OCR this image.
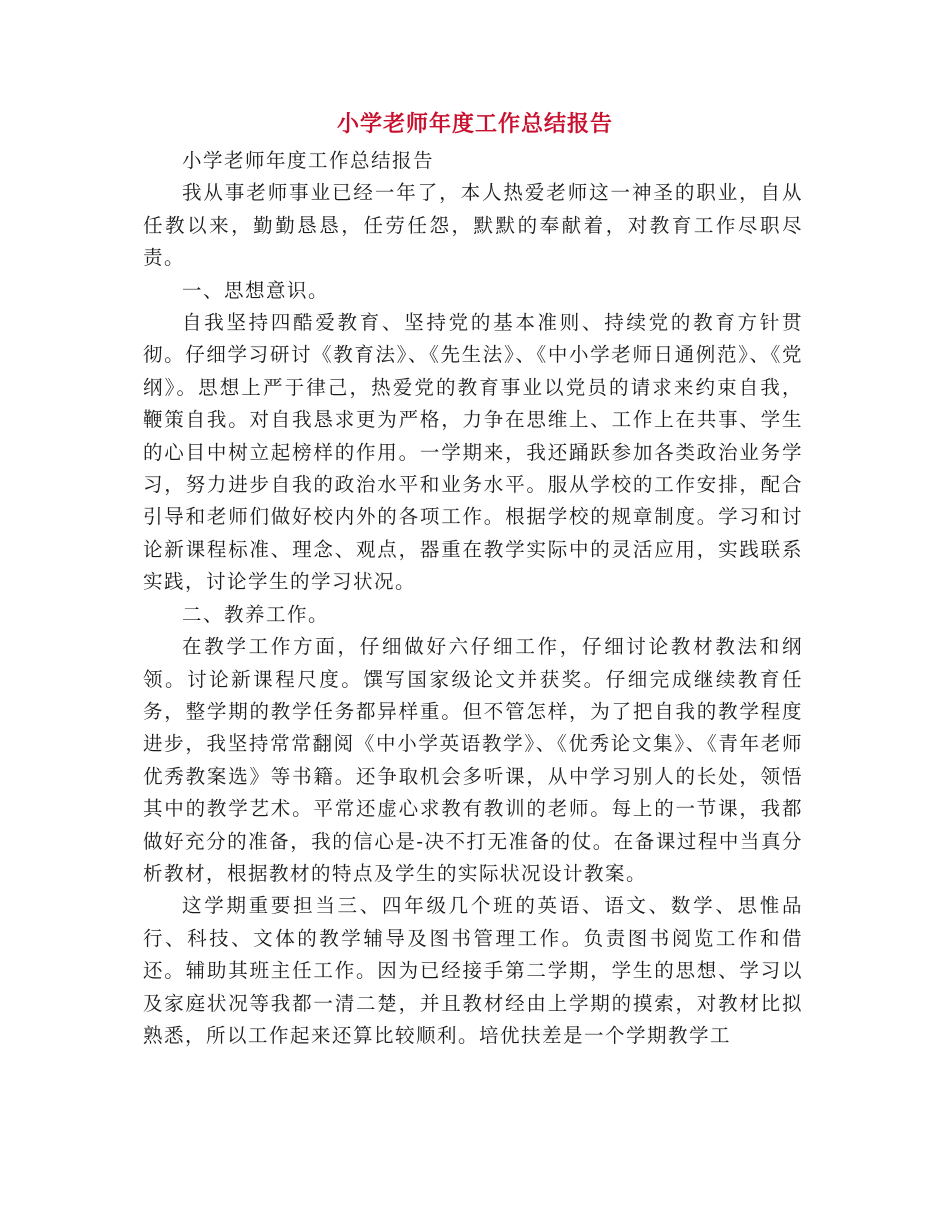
小学老师年度工作总结报告

小学老师年度工作总结报告

我从事老师事业已经一年了，本人热爱老师这一神圣的职业，自从任教以来，勤勤恳恳，任劳任怨，默默的奉献着，对教育工作尽职尽责。

一、思想意识。

自我坚持四酷爱教育、坚持党的基本准则、持续党的教育方针贯彻。仔细学习研讨《教育法》、《先生法》、《中小学老师日通例范》、《党纲》。思想上严于律己，热爱党的教育事业以党员的请求来约束自我，鞭策自我。对自我恳求更为严格，力争在思维上、工作上在共事、学生的心目中树立起榜样的作用。一学期来，我还踊跃参加各类政治业务学习，努力进步自我的政治水平和业务水平。服从学校的工作安排，配合引导和老师们做好校内外的各项工作。根据学校的规章制度。学习和讨论新课程标准、理念、观点，器重在教学实际中的灵活应用，实践联系实践，讨论学生的学习状况。

二、教养工作。

在教学工作方面，仔细做好六仔细工作，仔细讨论教材教法和纲领。讨论新课程尺度。馔写国家级论文并获奖。仔细完成继续教育任务，整学期的教学任务都异样重。但不管怎样，为了把自我的教学程度进步，我坚持常常翻阅《中小学英语教学》、《优秀论文集》、《青年老师优秀教案选》等书籍。还争取机会多听课，从中学习别人的长处，领悟其中的教学艺术。平常还虚心求教有教训的老师。每上的一节课，我都做好充分的准备，我的信心是-决不打无准备的仗。在备课过程中当真分析教材，根据教材的特点及学生的实际状况设计教案。

这学期重要担当三、四年级几个班的英语、语文、数学、思惟品行、科技、文体的教学辅导及图书管理工作。负责图书阅览工作和借还。辅助其班主任工作。因为已经接手第二学期，学生的思想、学习以及家庭状况等我都一清二楚，并且教材经由上学期的摸索，对教材比拟熟悉，所以工作起来还算比较顺利。培优扶差是一个学期教学工
